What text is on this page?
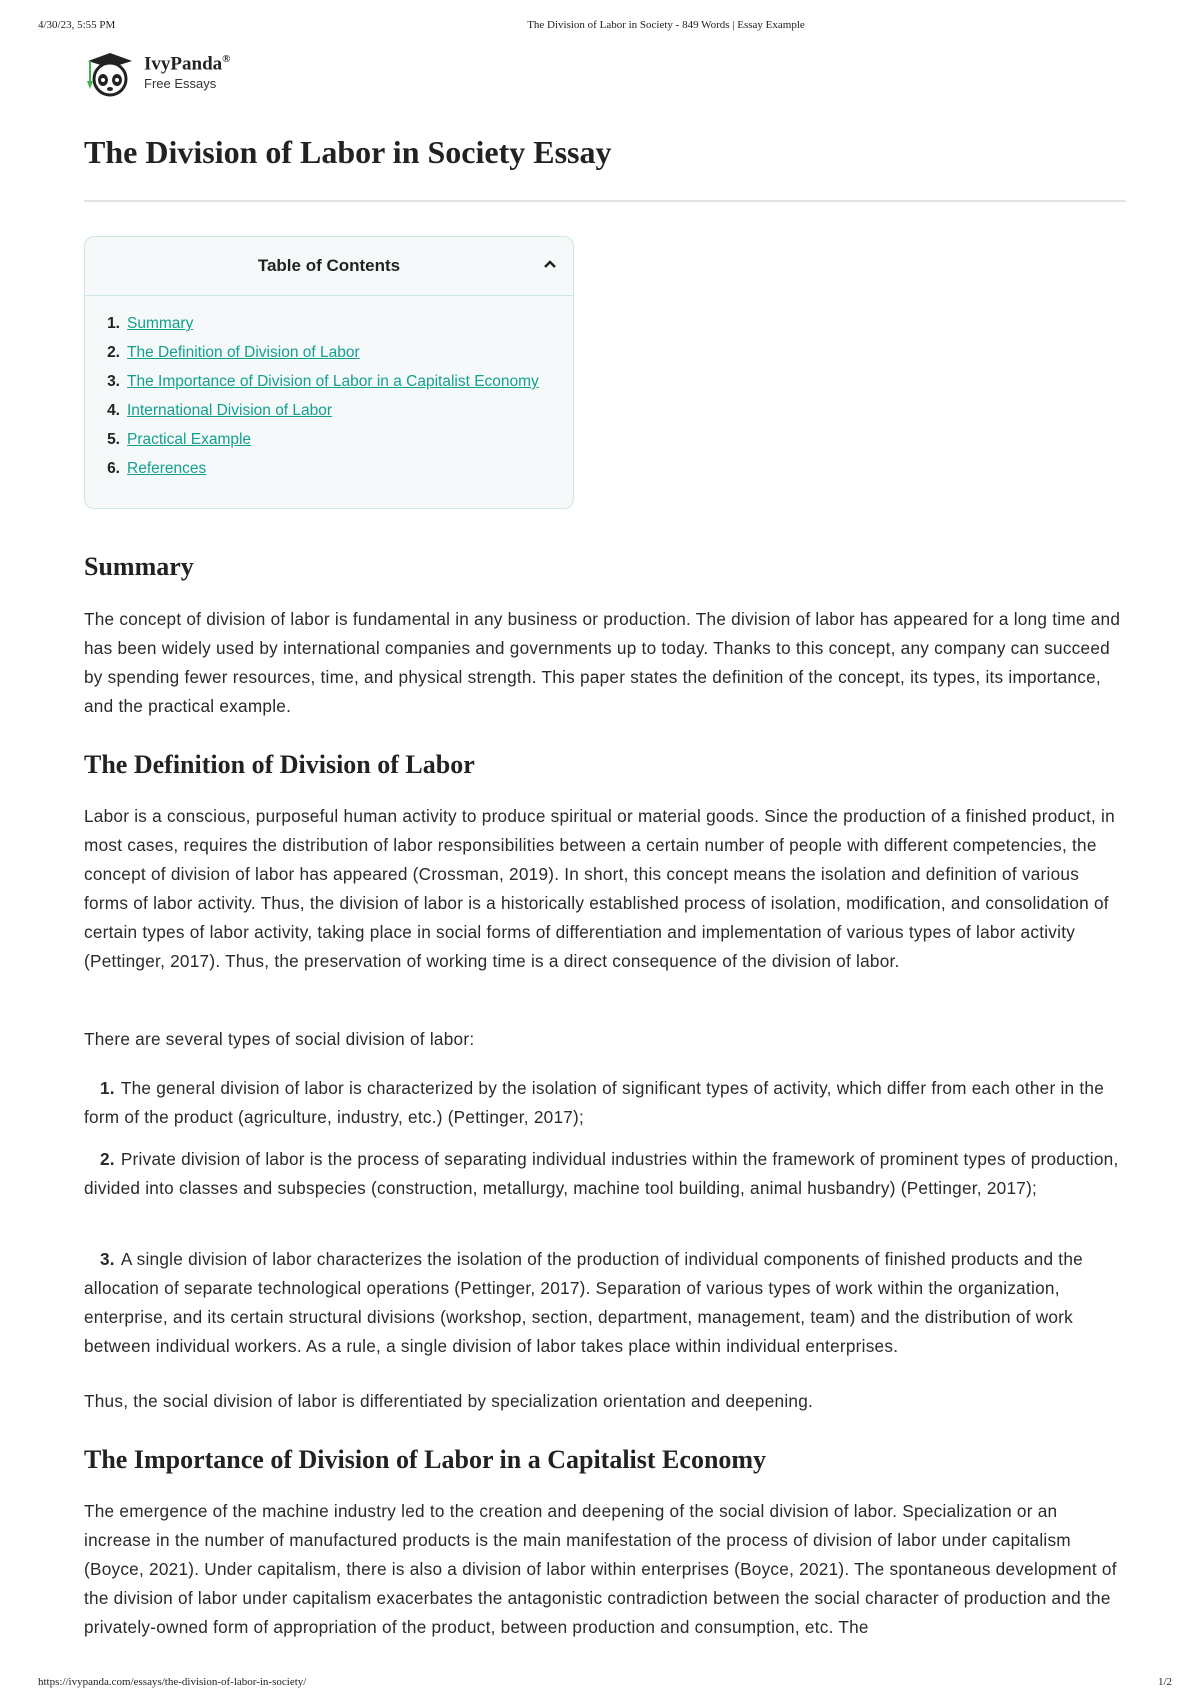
4/30/23, 5:55 PM	The Division of Labor in Society - 849 Words | Essay Example
IvyPanda®
Free Essays
The Division of Labor in Society Essay
Table of Contents
1. Summary
2. The Definition of Division of Labor
3. The Importance of Division of Labor in a Capitalist Economy
4. International Division of Labor
5. Practical Example
6. References
Summary

The concept of division of labor is fundamental in any business or production. The division of labor has appeared for a long time and has been widely used by international companies and governments up to today. Thanks to this concept, any company can succeed by spending fewer resources, time, and physical strength. This paper states the definition of the concept, its types, its importance, and the practical example.

The Definition of Division of Labor

Labor is a conscious, purposeful human activity to produce spiritual or material goods. Since the production of a finished product, in most cases, requires the distribution of labor responsibilities between a certain number of people with different competencies, the concept of division of labor has appeared (Crossman, 2019). In short, this concept means the isolation and definition of various forms of labor activity. Thus, the division of labor is a historically established process of isolation, modification, and consolidation of certain types of labor activity, taking place in social forms of differentiation and implementation of various types of labor activity (Pettinger, 2017). Thus, the preservation of working time is a direct consequence of the division of labor.

There are several types of social division of labor:

1. The general division of labor is characterized by the isolation of significant types of activity, which differ from each other in the form of the product (agriculture, industry, etc.) (Pettinger, 2017);
2. Private division of labor is the process of separating individual industries within the framework of prominent types of production, divided into classes and subspecies (construction, metallurgy, machine tool building, animal husbandry) (Pettinger, 2017);
3. A single division of labor characterizes the isolation of the production of individual components of finished products and the allocation of separate technological operations (Pettinger, 2017). Separation of various types of work within the organization, enterprise, and its certain structural divisions (workshop, section, department, management, team) and the distribution of work between individual workers. As a rule, a single division of labor takes place within individual enterprises.

Thus, the social division of labor is differentiated by specialization orientation and deepening.

The Importance of Division of Labor in a Capitalist Economy

The emergence of the machine industry led to the creation and deepening of the social division of labor. Specialization or an increase in the number of manufactured products is the main manifestation of the process of division of labor under capitalism (Boyce, 2021). Under capitalism, there is also a division of labor within enterprises (Boyce, 2021). The spontaneous development of the division of labor under capitalism exacerbates the antagonistic contradiction between the social character of production and the privately-owned form of appropriation of the product, between production and consumption, etc. The

https://ivypanda.com/essays/the-division-of-labor-in-society/	1/2
